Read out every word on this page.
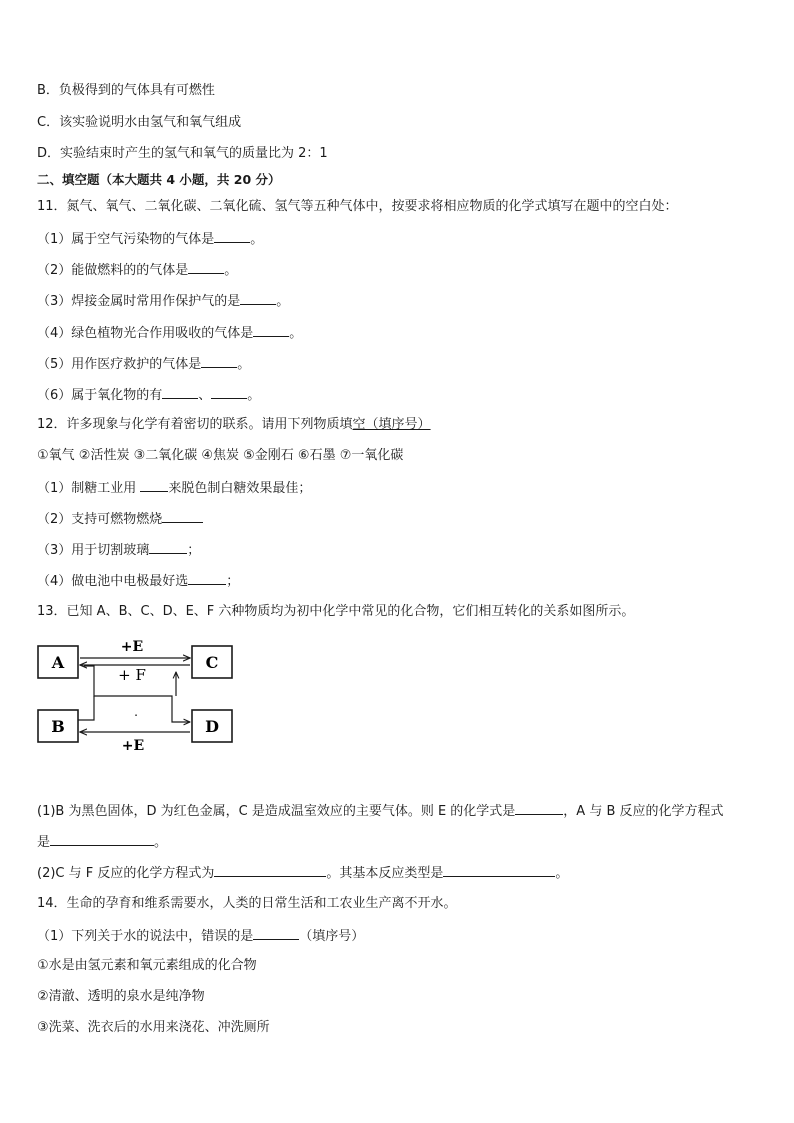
B．负极得到的气体具有可燃性
C．该实验说明水由氢气和氧气组成
D．实验结束时产生的氢气和氧气的质量比为 2：1
二、填空题（本大题共 4 小题，共 20 分）
11．氮气、氧气、二氧化碳、二氧化硫、氢气等五种气体中，按要求将相应物质的化学式填写在题中的空白处：
（1）属于空气污染物的气体是	。
（2）能做燃料的的气体是	。
（3）焊接金属时常用作保护气的是	。
（4）绿色植物光合作用吸收的气体是	。
（5）用作医疗救护的气体是	。
（6）属于氧化物的有	、	。
12．许多现象与化学有着密切的联系。请用下列物质填空（填序号）
①氧气 ②活性炭 ③二氧化碳 ④焦炭 ⑤金刚石 ⑥石墨 ⑦一氧化碳
（1）制糖工业用 来脱色制白糖效果最佳；
（2）支持可燃物燃烧
（3）用于切割玻璃	；
（4）做电池中电极最好选	；
13．已知 A、B、C、D、E、F 六种物质均为初中化学中常见的化合物，它们相互转化的关系如图所示。
A	C
B	D
+E
+ F
+E
.
(1)B 为黑色固体，D 为红色金属，C 是造成温室效应的主要气体。则 E 的化学式是	，A 与 B 反应的化学方程式
是	。
(2)C 与 F 反应的化学方程式为	。其基本反应类型是	。
14．生命的孕育和维系需要水，人类的日常生活和工农业生产离不开水。
（1）下列关于水的说法中，错误的是	（填序号）
①水是由氢元素和氧元素组成的化合物
②清澈、透明的泉水是纯净物
③洗菜、洗衣后的水用来浇花、冲洗厕所
